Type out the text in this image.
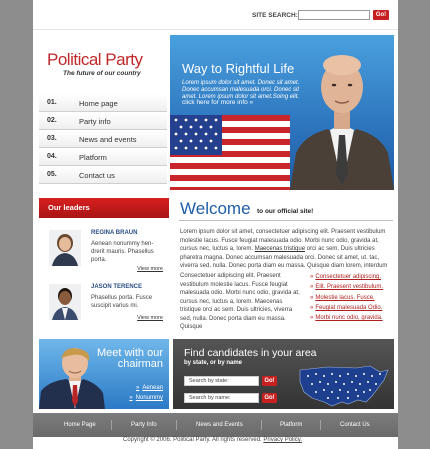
SITE SEARCH:	Go!
Political Party
The future of our country
01.	Home page
02.	Party info
03.	News and events
04.	Platform
05.	Contact us
Way to Rightful Life
Lorem ipsum dolor sit amet. Donec sit amet. Donec accumsan malesuada orci. Donec sit amet. Lorem ipsum dolor sit amet.Soing elit.
click here for more info »
Our leaders
REGINA BRAUN
Aenean nonummy hen-drerit mauris. Phasellus porta.
View more
JASON TERENCE
Phasellus porta. Fusce suscipit varius mi.
View more
Welcome to our official site!
Lorem ipsum dolor sit amet, consectetuer adipiscing elit. Praesent vestibulum molestie lacus. Fusce feugiat malesuada odio. Morbi nunc odio, gravida at, cursus nec, luctus a, lorem. Maecenas tristique orci ac sem. Duis ultricies pharetra magna. Donec accumsan malesuada orci. Donec sit amet, ut. tac, viverra sed, nulla. Donec porta diam eu massa. Quisque diam lorem, interdum
Consectetuer adipiscing elit. Praesent vestibulum molestie lacus. Fusce feugiat malesuada odio. Morbi nunc odio, gravida at, cursus nec, luctus a, lorem. Maecenas tristique orci ac sem. Duis ultricies, viverra sed, nulla. Donec porta diam eu massa. Quisque
» Consectetuer adipiscing.
» Elit. Praesent vestibulum.
» Molestie lacus. Fusce.
» Feugiat malesuada Odio.
» Morbi nunc odio, gravida.
Meet with our
chairman
» Aenean
» Nonummy
Find candidates in your area
by state, or by name
Search by state:	Go!
Search by name:	Go!
Home Page	Party Info	News and Events	Platform	Contact Us
Copyright © 2006. Political Party. All rights reserved. Privacy Policy.
